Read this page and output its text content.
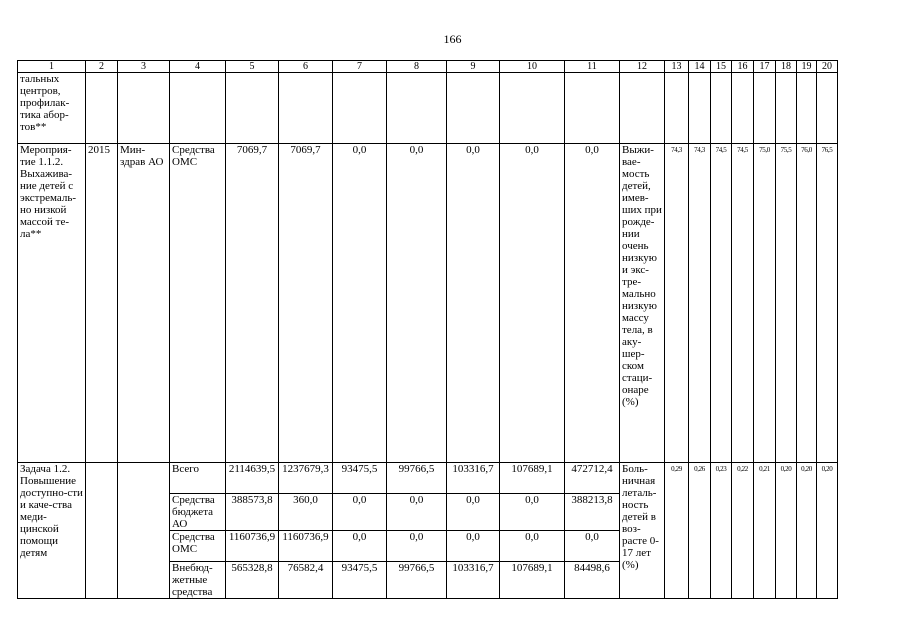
166
1	2	3	4	5	6	7	8	9	10	11	12	13	14	15	16	17	18	19	20
тальных центров, профилак-тика абор-тов**																			
Мероприя-тие 1.1.2. Выхажива-ние детей с экстремаль-но низкой массой те-ла**	2015	Мин-здрав АО	Средства ОМС	7069,7	7069,7	0,0	0,0	0,0	0,0	0,0	Выжи-вае-мость детей, имев-ших при рожде-нии очень низкую и экс-тре-мально низкую массу тела, в аку-шер-ском стаци-онаре (%)	74,3	74,3	74,5	74,5	75,0	75,5	76,0	76,5
Задача 1.2. Повышение доступно-сти и каче-ства меди-цинской помощи детям			Всего	2114639,5	1237679,3	93475,5	99766,5	103316,7	107689,1	472712,4	Боль-ничная леталь-ность детей в воз-расте 0-17 лет (%)	0,29	0,26	0,23	0,22	0,21	0,20	0,20	0,20
			Средства бюджета АО	388573,8	360,0	0,0	0,0	0,0	0,0	388213,8									
			Средства ОМС	1160736,9	1160736,9	0,0	0,0	0,0	0,0	0,0									
			Внебюд-жетные средства	565328,8	76582,4	93475,5	99766,5	103316,7	107689,1	84498,6									
